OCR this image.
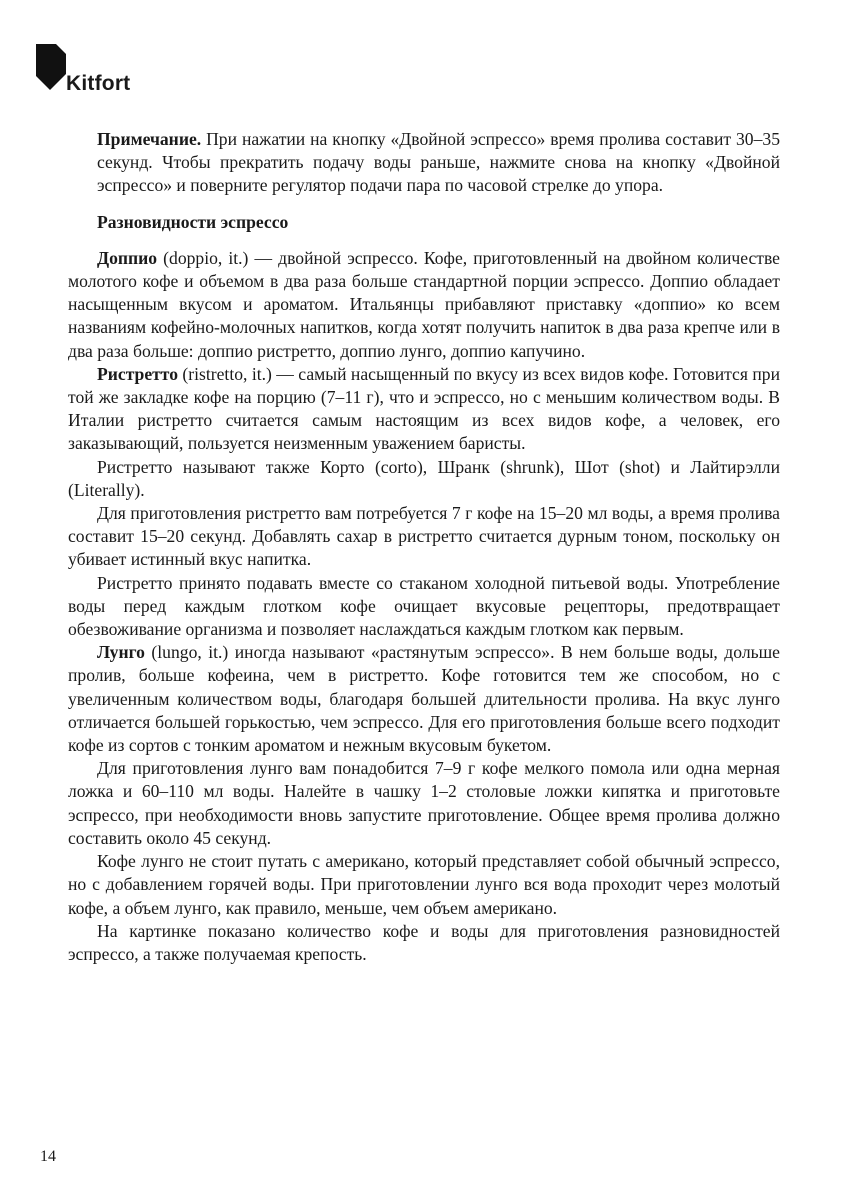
Kitfort

Примечание. При нажатии на кнопку «Двойной эспрессо» время пролива составит 30–35 секунд. Чтобы прекратить подачу воды раньше, нажмите снова на кнопку «Двойной эспрессо» и поверните регулятор подачи пара по часовой стрелке до упора.

Разновидности эспрессо

Доппио (doppio, it.) — двойной эспрессо. Кофе, приготовленный на двойном количестве молотого кофе и объемом в два раза больше стандартной порции эспрессо. Доппио обладает насыщенным вкусом и ароматом. Итальянцы прибавляют приставку «доппио» ко всем названиям кофейно-молочных напитков, когда хотят получить напиток в два раза крепче или в два раза больше: доппио ристретто, доппио лунго, доппио капучино.

Ристретто (ristretto, it.) — самый насыщенный по вкусу из всех видов кофе. Готовится при той же закладке кофе на порцию (7–11 г), что и эспрессо, но с меньшим количеством воды. В Италии ристретто считается самым настоящим из всех видов кофе, а человек, его заказывающий, пользуется неизменным уважением баристы.

Ристретто называют также Корто (corto), Шранк (shrunk), Шот (shot) и Лайтирэлли (Literally).

Для приготовления ристретто вам потребуется 7 г кофе на 15–20 мл воды, а время пролива составит 15–20 секунд. Добавлять сахар в ристретто считается дурным тоном, поскольку он убивает истинный вкус напитка.

Ристретто принято подавать вместе со стаканом холодной питьевой воды. Употребление воды перед каждым глотком кофе очищает вкусовые рецепторы, предотвращает обезвоживание организма и позволяет наслаждаться каждым глотком как первым.

Лунго (lungo, it.) иногда называют «растянутым эспрессо». В нем больше воды, дольше пролив, больше кофеина, чем в ристретто. Кофе готовится тем же способом, но с увеличенным количеством воды, благодаря большей длительности пролива. На вкус лунго отличается большей горькостью, чем эспрессо. Для его приготовления больше всего подходит кофе из сортов с тонким ароматом и нежным вкусовым букетом.

Для приготовления лунго вам понадобится 7–9 г кофе мелкого помола или одна мерная ложка и 60–110 мл воды. Налейте в чашку 1–2 столовые ложки кипятка и приготовьте эспрессо, при необходимости вновь запустите приготовление. Общее время пролива должно составить около 45 секунд.

Кофе лунго не стоит путать с американо, который представляет собой обычный эспрессо, но с добавлением горячей воды. При приготовлении лунго вся вода проходит через молотый кофе, а объем лунго, как правило, меньше, чем объем американо.

На картинке показано количество кофе и воды для приготовления разновидностей эспрессо, а также получаемая крепость.

14
